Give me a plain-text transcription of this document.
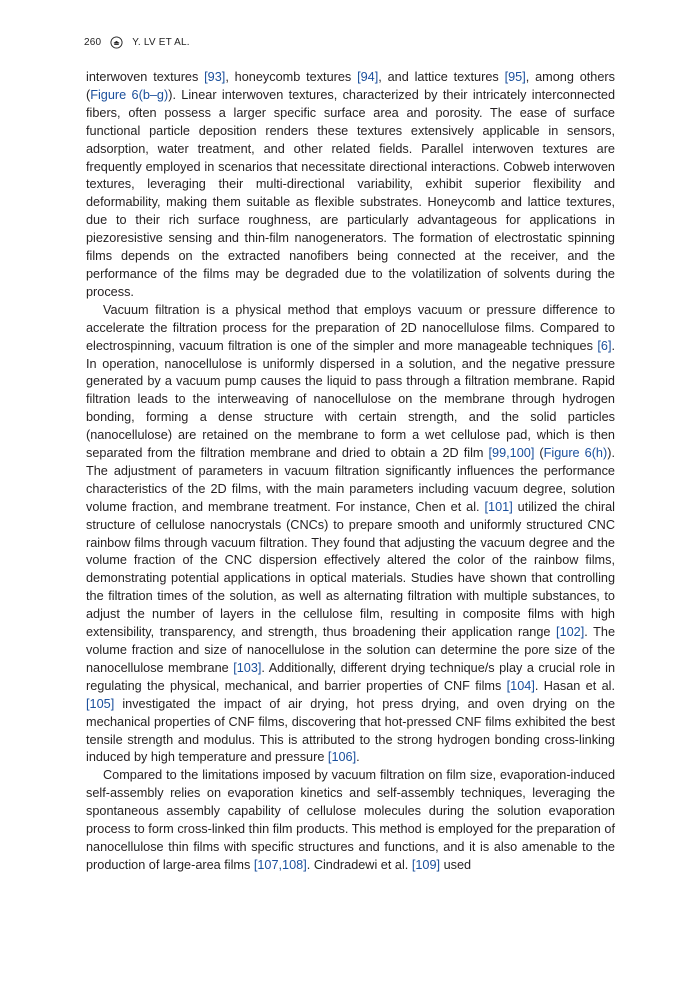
260	Y. LV ET AL.

interwoven textures [93], honeycomb textures [94], and lattice textures [95], among others (Figure 6(b–g)). Linear interwoven textures, characterized by their intricately interconnected fibers, often possess a larger specific surface area and porosity. The ease of surface functional particle deposition renders these textures extensively applicable in sensors, adsorption, water treatment, and other related fields. Parallel interwoven textures are frequently employed in scenarios that necessitate directional interactions. Cobweb interwoven textures, leveraging their multi-directional variability, exhibit superior flexibility and deformability, making them suitable as flexible substrates. Honeycomb and lattice textures, due to their rich surface roughness, are particularly advantageous for applications in piezoresistive sensing and thin-film nanogenerators. The formation of electrostatic spinning films depends on the extracted nanofibers being connected at the receiver, and the performance of the films may be degraded due to the volatilization of solvents during the process.

Vacuum filtration is a physical method that employs vacuum or pressure difference to accelerate the filtration process for the preparation of 2D nanocellulose films. Compared to electrospinning, vacuum filtration is one of the simpler and more manageable techniques [6]. In operation, nanocellulose is uniformly dispersed in a solution, and the negative pressure generated by a vacuum pump causes the liquid to pass through a filtration membrane. Rapid filtration leads to the interweaving of nanocellulose on the membrane through hydrogen bonding, forming a dense structure with certain strength, and the solid particles (nanocellulose) are retained on the membrane to form a wet cellulose pad, which is then separated from the filtration membrane and dried to obtain a 2D film [99,100] (Figure 6(h)). The adjustment of parameters in vacuum filtration significantly influences the performance characteristics of the 2D films, with the main parameters including vacuum degree, solution volume fraction, and membrane treatment. For instance, Chen et al. [101] utilized the chiral structure of cellulose nanocrystals (CNCs) to prepare smooth and uniformly structured CNC rainbow films through vacuum filtration. They found that adjusting the vacuum degree and the volume fraction of the CNC dispersion effectively altered the color of the rainbow films, demonstrating potential applications in optical materials. Studies have shown that controlling the filtration times of the solution, as well as alternating filtration with multiple substances, to adjust the number of layers in the cellulose film, resulting in composite films with high extensibility, transparency, and strength, thus broadening their application range [102]. The volume fraction and size of nanocellulose in the solution can determine the pore size of the nanocellulose membrane [103]. Additionally, different drying technique/s play a crucial role in regulating the physical, mechanical, and barrier properties of CNF films [104]. Hasan et al. [105] investigated the impact of air drying, hot press drying, and oven drying on the mechanical properties of CNF films, discovering that hot-pressed CNF films exhibited the best tensile strength and modulus. This is attributed to the strong hydrogen bonding cross-linking induced by high temperature and pressure [106].

Compared to the limitations imposed by vacuum filtration on film size, evaporation-induced self-assembly relies on evaporation kinetics and self-assembly techniques, leveraging the spontaneous assembly capability of cellulose molecules during the solution evaporation process to form cross-linked thin film products. This method is employed for the preparation of nanocellulose thin films with specific structures and functions, and it is also amenable to the production of large-area films [107,108]. Cindradewi et al. [109] used
